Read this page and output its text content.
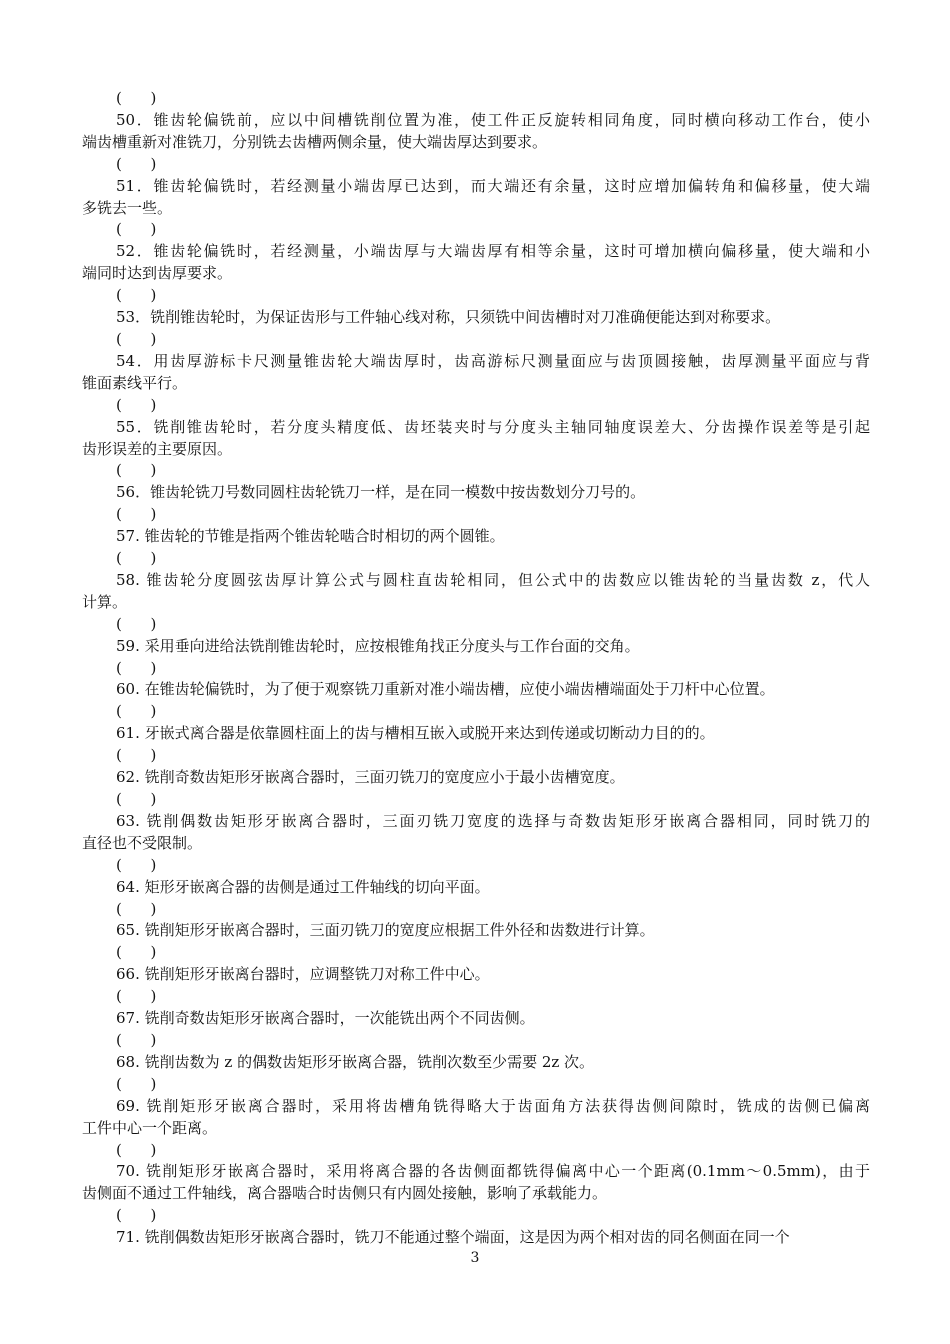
(      )
50．锥齿轮偏铣前，应以中间槽铣削位置为准，使工件正反旋转相同角度，同时横向移动工作台，使小
端齿槽重新对准铣刀，分别铣去齿槽两侧余量，使大端齿厚达到要求。
(      )
51．锥齿轮偏铣时，若经测量小端齿厚已达到，而大端还有余量，这时应增加偏转角和偏移量，使大端
多铣去一些。
(      )
52．锥齿轮偏铣时，若经测量，小端齿厚与大端齿厚有相等余量，这时可增加横向偏移量，使大端和小
端同时达到齿厚要求。
(      )
53．铣削锥齿轮时，为保证齿形与工件轴心线对称，只须铣中间齿槽时对刀准确便能达到对称要求。
(      )
54．用齿厚游标卡尺测量锥齿轮大端齿厚时，齿高游标尺测量面应与齿顶圆接触，齿厚测量平面应与背
锥面素线平行。
(      )
55．铣削锥齿轮时，若分度头精度低、齿坯装夹时与分度头主轴同轴度误差大、分齿操作误差等是引起
齿形误差的主要原因。
(      )
56．锥齿轮铣刀号数同圆柱齿轮铣刀一样，是在同一模数中按齿数划分刀号的。
(      )
57. 锥齿轮的节锥是指两个锥齿轮啮合时相切的两个圆锥。
(      )
58. 锥齿轮分度圆弦齿厚计算公式与圆柱直齿轮相同，但公式中的齿数应以锥齿轮的当量齿数 z，代人
计算。
(      )
59. 采用垂向进给法铣削锥齿轮时，应按根锥角找正分度头与工作台面的交角。
(      )
60. 在锥齿轮偏铣时，为了便于观察铣刀重新对准小端齿槽，应使小端齿槽端面处于刀杆中心位置。
(      )
61. 牙嵌式离合器是依靠圆柱面上的齿与槽相互嵌入或脱开来达到传递或切断动力目的的。
(      )
62. 铣削奇数齿矩形牙嵌离合器时，三面刃铣刀的宽度应小于最小齿槽宽度。
(      )
63. 铣削偶数齿矩形牙嵌离合器时，三面刃铣刀宽度的选择与奇数齿矩形牙嵌离合器相同，同时铣刀的
直径也不受限制。
(      )
64. 矩形牙嵌离合器的齿侧是通过工件轴线的切向平面。
(      )
65. 铣削矩形牙嵌离合器时，三面刃铣刀的宽度应根据工件外径和齿数进行计算。
(      )
66. 铣削矩形牙嵌离台器时，应调整铣刀对称工件中心。
(      )
67. 铣削奇数齿矩形牙嵌离合器时，一次能铣出两个不同齿侧。
(      )
68. 铣削齿数为 z 的偶数齿矩形牙嵌离合器，铣削次数至少需要 2z 次。
(      )
69. 铣削矩形牙嵌离合器时，采用将齿槽角铣得略大于齿面角方法获得齿侧间隙时，铣成的齿侧已偏离
工件中心一个距离。
(      )
70. 铣削矩形牙嵌离合器时，采用将离合器的各齿侧面都铣得偏离中心一个距离(0.1mm～0.5mm)，由于
齿侧面不通过工件轴线，离合器啮合时齿侧只有内圆处接触，影响了承载能力。
(      )
71. 铣削偶数齿矩形牙嵌离合器时，铣刀不能通过整个端面，这是因为两个相对齿的同名侧面在同一个
3
